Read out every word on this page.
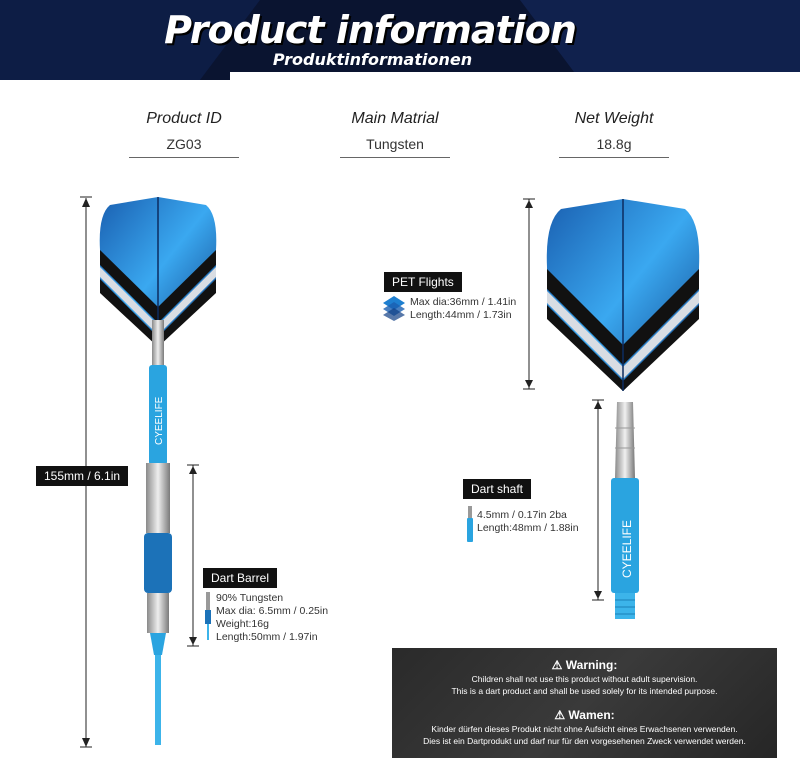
Product information
Produktinformationen
Product ID
ZG03
Main Matrial
Tungsten
Net Weight
18.8g
155mm / 6.1in
CYEELIFE
Dart Barrel
90% Tungsten
Max dia: 6.5mm / 0.25in
Weight:16g
Length:50mm / 1.97in
PET Flights
Max dia:36mm / 1.41in
Length:44mm / 1.73in
CYEELIFE
Dart shaft
4.5mm / 0.17in 2ba
Length:48mm / 1.88in
⚠ Warning:
Children shall not use this product without adult supervision.
This is a dart product and shall be used solely for its intended purpose.
⚠ Wamen:
Kinder dürfen dieses Produkt nicht ohne Aufsicht eines Erwachsenen verwenden.
Dies ist ein Dartprodukt und darf nur für den vorgesehenen Zweck verwendet werden.
